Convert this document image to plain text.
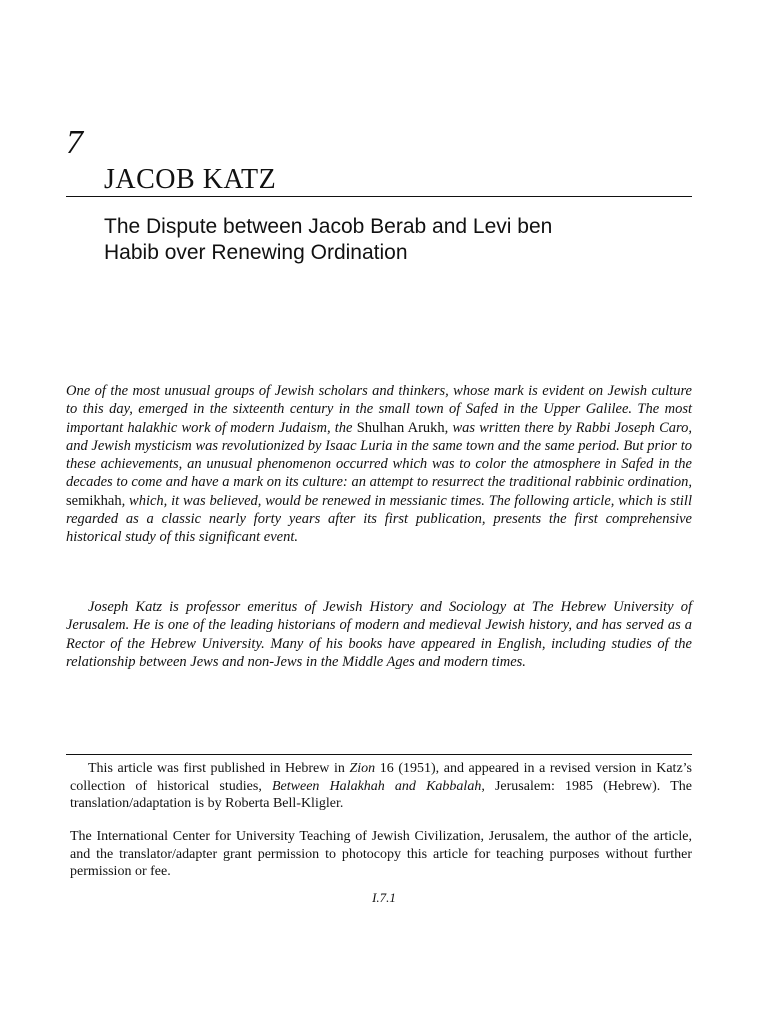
7
JACOB KATZ
The Dispute between Jacob Berab and Levi ben Habib over Renewing Ordination

One of the most unusual groups of Jewish scholars and thinkers, whose mark is evident on Jewish culture to this day, emerged in the sixteenth century in the small town of Safed in the Upper Galilee. The most important halakhic work of modern Judaism, the Shulhan Arukh, was written there by Rabbi Joseph Caro, and Jewish mysticism was revolutionized by Isaac Luria in the same town and the same period. But prior to these achievements, an unusual phenomenon occurred which was to color the atmosphere in Safed in the decades to come and have a mark on its culture: an attempt to resurrect the traditional rabbinic ordination, semikhah, which, it was believed, would be renewed in messianic times. The following article, which is still regarded as a classic nearly forty years after its first publication, presents the first comprehensive historical study of this significant event.

Joseph Katz is professor emeritus of Jewish History and Sociology at The Hebrew University of Jerusalem. He is one of the leading historians of modern and medieval Jewish history, and has served as a Rector of the Hebrew University. Many of his books have appeared in English, including studies of the relationship between Jews and non-Jews in the Middle Ages and modern times.

This article was first published in Hebrew in Zion 16 (1951), and appeared in a revised version in Katz’s collection of historical studies, Between Halakhah and Kabbalah, Jerusalem: 1985 (Hebrew). The translation/adaptation is by Roberta Bell-Kligler.

The International Center for University Teaching of Jewish Civilization, Jerusalem, the author of the article, and the translator/adapter grant permission to photocopy this article for teaching purposes without further permission or fee.

I.7.1
